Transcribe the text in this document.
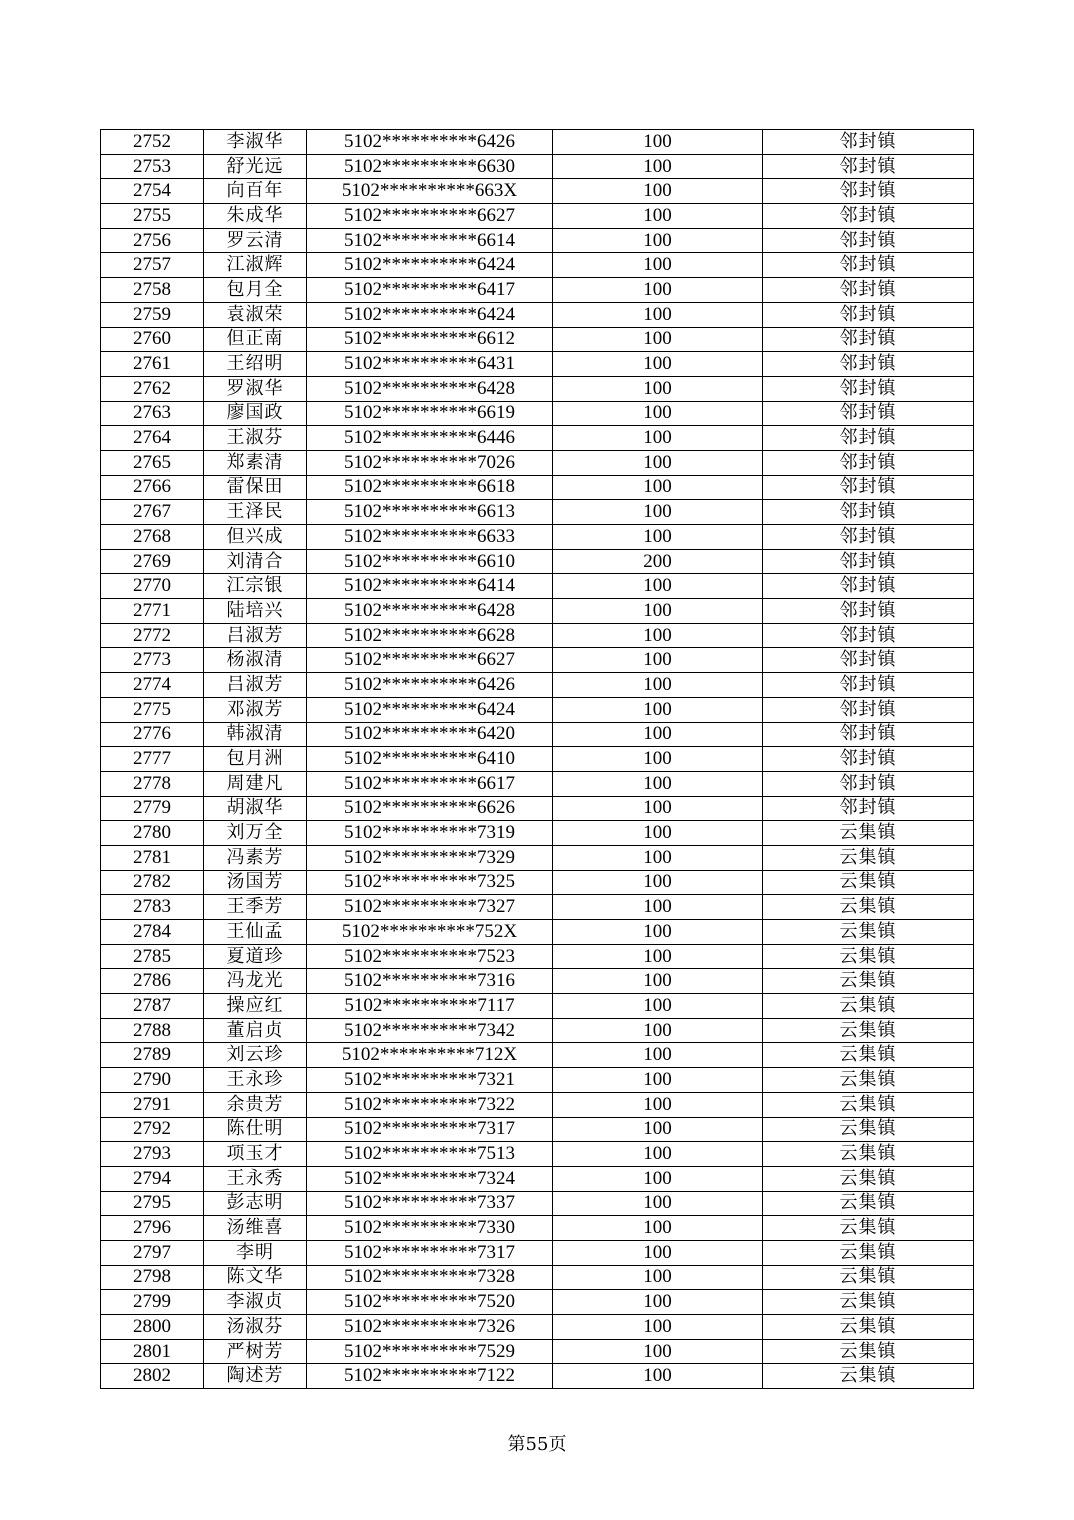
2752	李淑华	5102**********6426	100	邻封镇
2753	舒光远	5102**********6630	100	邻封镇
2754	向百年	5102**********663X	100	邻封镇
2755	朱成华	5102**********6627	100	邻封镇
2756	罗云清	5102**********6614	100	邻封镇
2757	江淑辉	5102**********6424	100	邻封镇
2758	包月全	5102**********6417	100	邻封镇
2759	袁淑荣	5102**********6424	100	邻封镇
2760	但正南	5102**********6612	100	邻封镇
2761	王绍明	5102**********6431	100	邻封镇
2762	罗淑华	5102**********6428	100	邻封镇
2763	廖国政	5102**********6619	100	邻封镇
2764	王淑芬	5102**********6446	100	邻封镇
2765	郑素清	5102**********7026	100	邻封镇
2766	雷保田	5102**********6618	100	邻封镇
2767	王泽民	5102**********6613	100	邻封镇
2768	但兴成	5102**********6633	100	邻封镇
2769	刘清合	5102**********6610	200	邻封镇
2770	江宗银	5102**********6414	100	邻封镇
2771	陆培兴	5102**********6428	100	邻封镇
2772	吕淑芳	5102**********6628	100	邻封镇
2773	杨淑清	5102**********6627	100	邻封镇
2774	吕淑芳	5102**********6426	100	邻封镇
2775	邓淑芳	5102**********6424	100	邻封镇
2776	韩淑清	5102**********6420	100	邻封镇
2777	包月洲	5102**********6410	100	邻封镇
2778	周建凡	5102**********6617	100	邻封镇
2779	胡淑华	5102**********6626	100	邻封镇
2780	刘万全	5102**********7319	100	云集镇
2781	冯素芳	5102**********7329	100	云集镇
2782	汤国芳	5102**********7325	100	云集镇
2783	王季芳	5102**********7327	100	云集镇
2784	王仙孟	5102**********752X	100	云集镇
2785	夏道珍	5102**********7523	100	云集镇
2786	冯龙光	5102**********7316	100	云集镇
2787	操应红	5102**********7117	100	云集镇
2788	董启贞	5102**********7342	100	云集镇
2789	刘云珍	5102**********712X	100	云集镇
2790	王永珍	5102**********7321	100	云集镇
2791	余贵芳	5102**********7322	100	云集镇
2792	陈仕明	5102**********7317	100	云集镇
2793	项玉才	5102**********7513	100	云集镇
2794	王永秀	5102**********7324	100	云集镇
2795	彭志明	5102**********7337	100	云集镇
2796	汤维喜	5102**********7330	100	云集镇
2797	李明	5102**********7317	100	云集镇
2798	陈文华	5102**********7328	100	云集镇
2799	李淑贞	5102**********7520	100	云集镇
2800	汤淑芬	5102**********7326	100	云集镇
2801	严树芳	5102**********7529	100	云集镇
2802	陶述芳	5102**********7122	100	云集镇
第55页
